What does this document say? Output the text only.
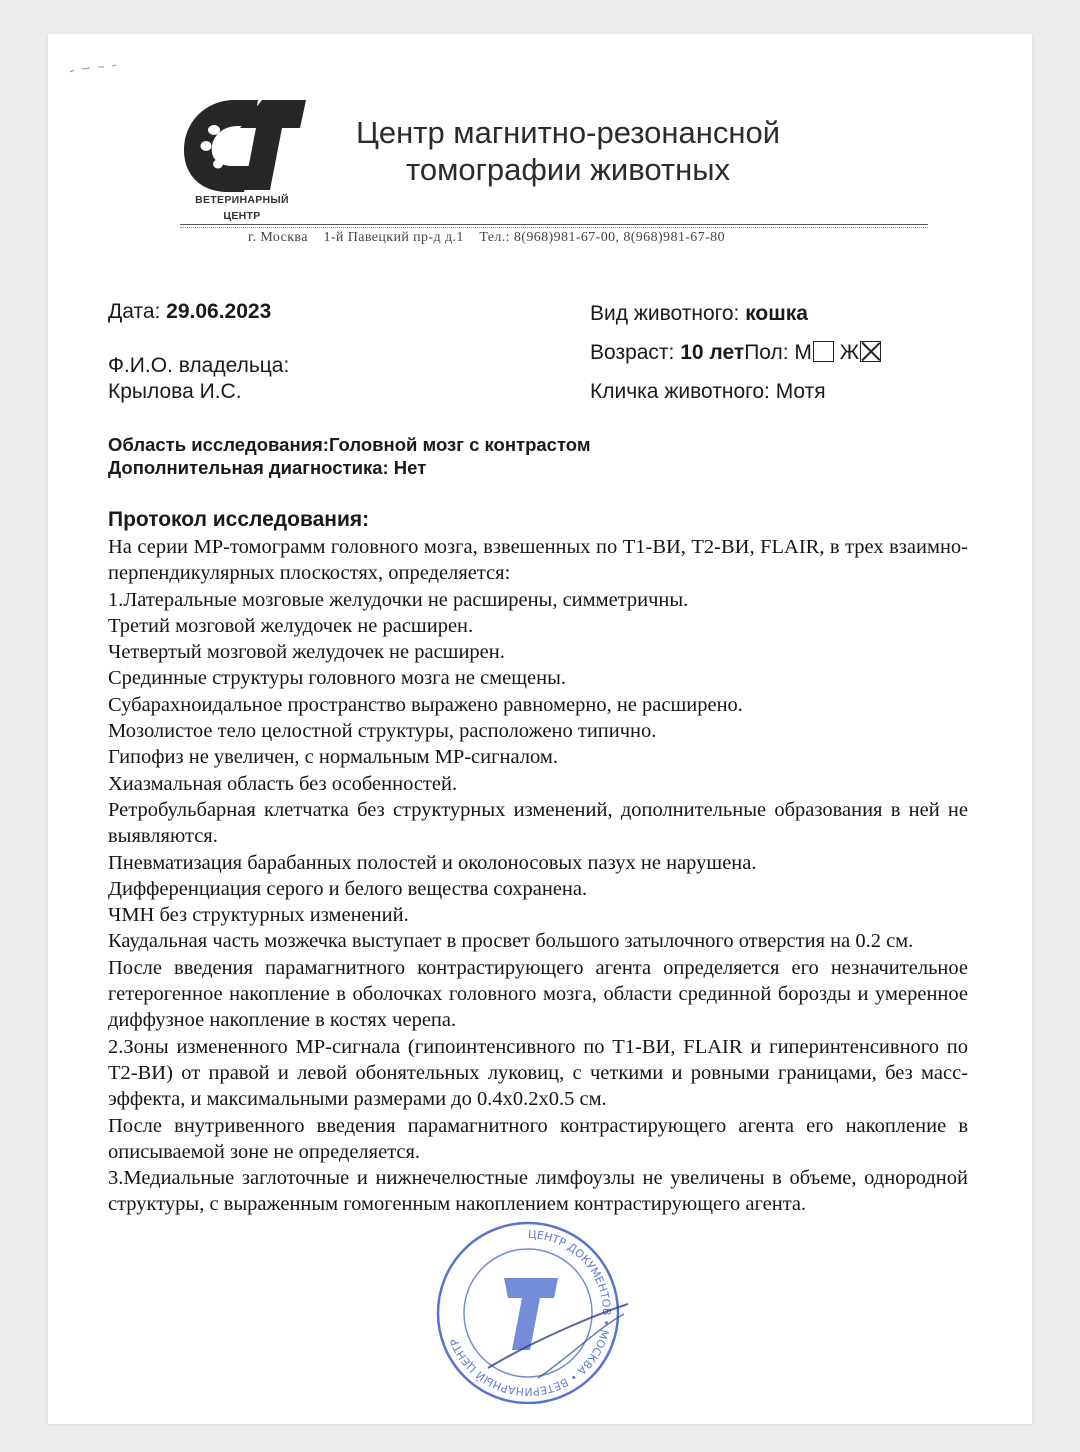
ВЕТЕРИНАРНЫЙ
ЦЕНТР
Центр магнитно-резонансной
томографии животных
г. Москва    1-й Павецкий пр-д д.1    Тел.: 8(968)981-67-00, 8(968)981-67-80
Дата: 29.06.2023	Вид животного: кошка
Возраст: 10 летПол: М Ж
Ф.И.О. владельца:
Крылова И.С.	Кличка животного: Мотя
Область исследования:Головной мозг с контрастом
Дополнительная диагностика: Нет
Протокол исследования:

На серии МР-томограмм головного мозга, взвешенных по Т1-ВИ, Т2-ВИ, FLAIR, в трех взаимно-перпендикулярных плоскостях, определяется:

1.Латеральные мозговые желудочки не расширены, симметричны.

Третий мозговой желудочек не расширен.

Четвертый мозговой желудочек не расширен.

Срединные структуры головного мозга не смещены.

Субарахноидальное пространство выражено равномерно, не расширено.

Мозолистое тело целостной структуры, расположено типично.

Гипофиз не увеличен, с нормальным МР-сигналом.

Хиазмальная область без особенностей.

Ретробульбарная клетчатка без структурных изменений, дополнительные образования в ней не выявляются.

Пневматизация барабанных полостей и околоносовых пазух не нарушена.

Дифференциация серого и белого вещества сохранена.

ЧМН без структурных изменений.

Каудальная часть мозжечка выступает в просвет большого затылочного отверстия на 0.2 см.

После введения парамагнитного контрастирующего агента определяется его незначительное гетерогенное накопление в оболочках головного мозга, области срединной борозды и умеренное диффузное накопление в костях черепа.

2.Зоны измененного МР-сигнала (гипоинтенсивного по Т1-ВИ, FLAIR и гиперинтенсивного по Т2-ВИ) от правой и левой обонятельных луковиц, с четкими и ровными границами, без масс-эффекта, и максимальными размерами до 0.4х0.2х0.5 см.

После внутривенного введения парамагнитного контрастирующего агента его накопление в описываемой зоне не определяется.

3.Медиальные заглоточные и нижнечелюстные лимфоузлы не увеличены в объеме, однородной структуры, с выраженным гомогенным накоплением контрастирующего агента.

ЦЕНТР ДОКУМЕНТОВ • МОСКВА • ВЕТЕРИНАРНЫЙ ЦЕНТР
